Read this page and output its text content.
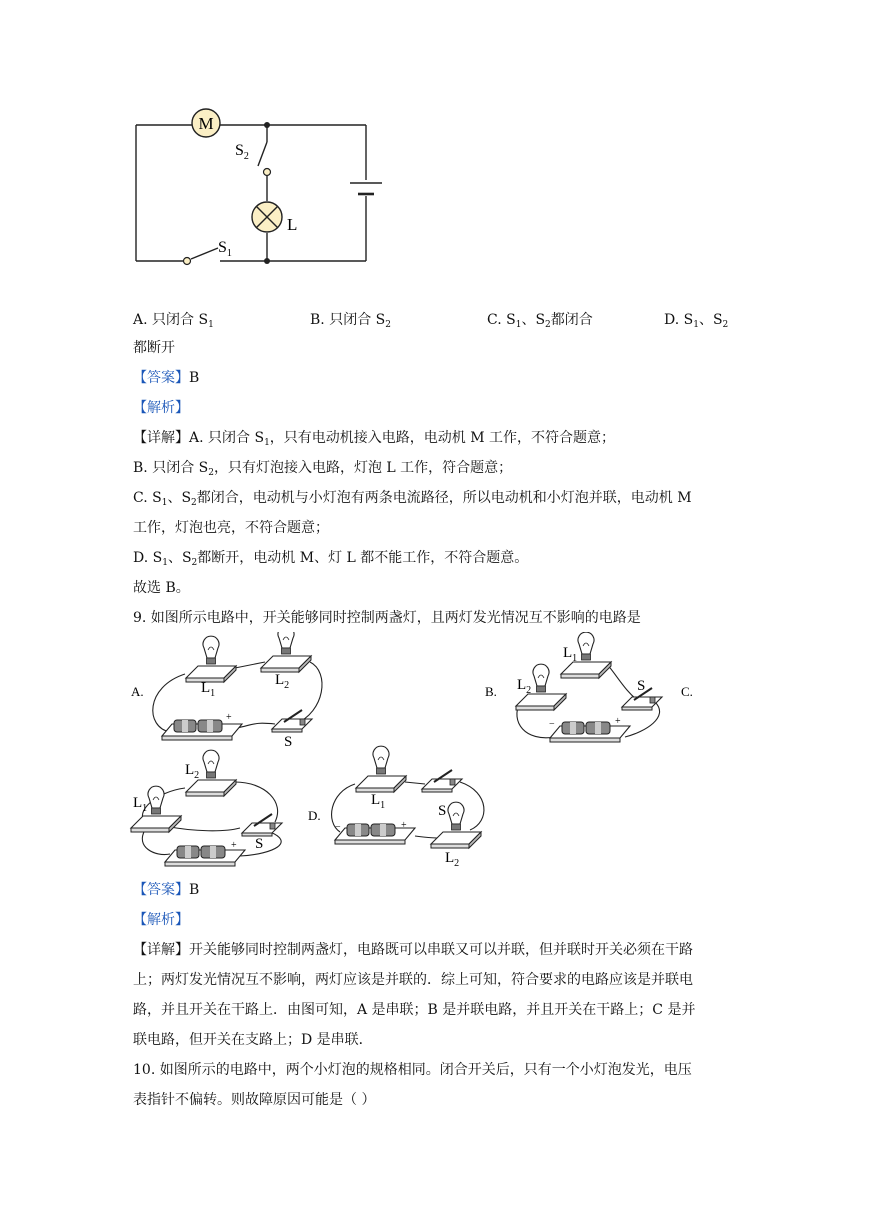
M
$S_2$
L
$S_1$
A. 只闭合 $S_1$	B. 只闭合 $S_2$	C. $S_1$、$S_2$都闭合	D. $S_1$、$S_2$
都断开
【答案】B
【解析】
【详解】A. 只闭合 $S_1$，只有电动机接入电路，电动机 M 工作，不符合题意；
B. 只闭合 $S_2$，只有灯泡接入电路，灯泡 L 工作，符合题意；
C. $S_1$、$S_2$都闭合，电动机与小灯泡有两条电流路径，所以电动机和小灯泡并联，电动机 M
工作，灯泡也亮，不符合题意；
D. $S_1$、$S_2$都断开，电动机 M、灯 L 都不能工作，不符合题意。
故选 B。
9. 如图所示电路中，开关能够同时控制两盏灯，且两灯发光情况互不影响的电路是
A.	$L_1$
$L_2$
S
+
B.
$L_1$
$L_2$	S
−	+
C.
$L_2$
$L_1$
S
+
D.
$L_1$	S
$L_2$
−	+
【答案】B
【解析】
【详解】开关能够同时控制两盏灯，电路既可以串联又可以并联，但并联时开关必须在干路
上；两灯发光情况互不影响，两灯应该是并联的．综上可知，符合要求的电路应该是并联电
路，并且开关在干路上．由图可知，A 是串联；B 是并联电路，并且开关在干路上；C 是并
联电路，但开关在支路上；D 是串联．
10. 如图所示的电路中，两个小灯泡的规格相同。闭合开关后，只有一个小灯泡发光，电压
表指针不偏转。则故障原因可能是（ ）
